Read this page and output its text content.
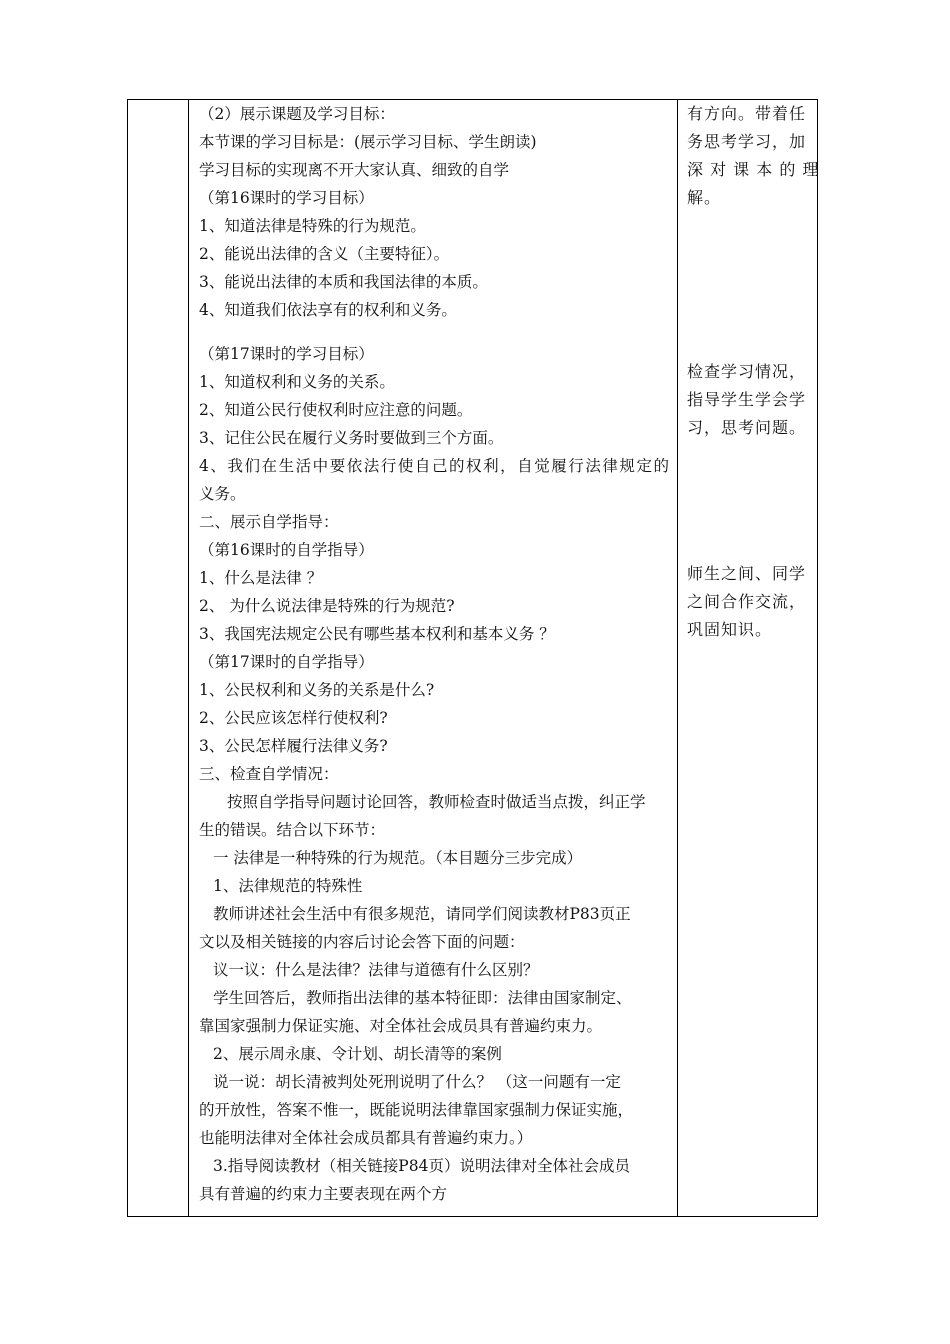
（2）展示课题及学习目标：
本节课的学习目标是：(展示学习目标、学生朗读)
学习目标的实现离不开大家认真、细致的自学
（第16课时的学习目标）
1、知道法律是特殊的行为规范。
2、能说出法律的含义（主要特征）。
3、能说出法律的本质和我国法律的本质。
4、知道我们依法享有的权利和义务。
（第17课时的学习目标）
1、知道权利和义务的关系。
2、知道公民行使权利时应注意的问题。
3、记住公民在履行义务时要做到三个方面。
4、我们在生活中要依法行使自己的权利，自觉履行法律规定的
义务。
二、展示自学指导：
（第16课时的自学指导）
1、什么是法律 ？
2、 为什么说法律是特殊的行为规范?
3、我国宪法规定公民有哪些基本权利和基本义务 ？
（第17课时的自学指导）
1、公民权利和义务的关系是什么?
2、公民应该怎样行使权利?
3、公民怎样履行法律义务?
三、检查自学情况：
按照自学指导问题讨论回答，教师检查时做适当点拨，纠正学
生的错误。结合以下环节：
一 法律是一种特殊的行为规范。（本目题分三步完成）
1、法律规范的特殊性
教师讲述社会生活中有很多规范，请同学们阅读教材P83页正
文以及相关链接的内容后讨论会答下面的问题：
议一议：什么是法律？法律与道德有什么区别？
学生回答后，教师指出法律的基本特征即：法律由国家制定、
靠国家强制力保证实施、对全体社会成员具有普遍约束力。
2、展示周永康、令计划、胡长清等的案例
说一说：胡长清被判处死刑说明了什么？ （这一问题有一定
的开放性，答案不惟一，既能说明法律靠国家强制力保证实施，
也能明法律对全体社会成员都具有普遍约束力。）
3.指导阅读教材（相关链接P84页）说明法律对全体社会成员
具有普遍的约束力主要表现在两个方
有方向。带着任
务思考学习，加
深 对 课 本 的 理
解。
检查学习情况，
指导学生学会学
习，思考问题。
师生之间、同学
之间合作交流，
巩固知识。
